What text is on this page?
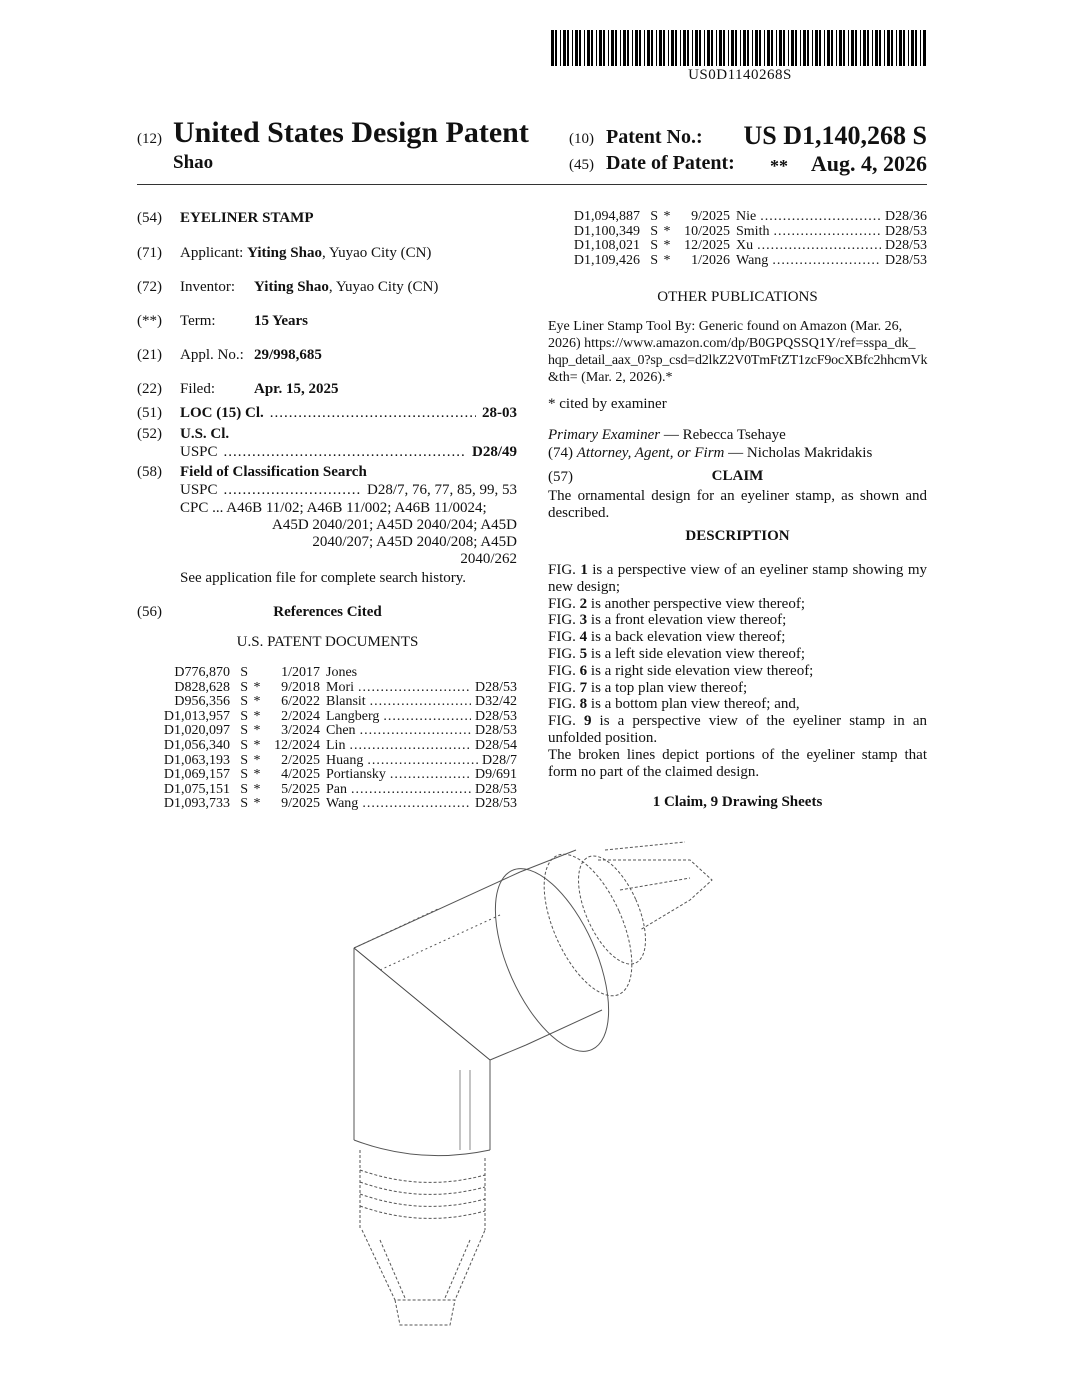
US0D1140268S
(12) United States Design Patent
Shao
(10) Patent No.:	US D1,140,268 S
(45) Date of Patent: **	Aug. 4, 2026
(54) EYELINER STAMP
(71) Applicant: Yiting Shao, Yuyao City (CN)
(72) Inventor: Yiting Shao, Yuyao City (CN)
(**) Term:	15 Years
(21) Appl. No.: 29/998,685
(22) Filed:	Apr. 15, 2025
(51) LOC (15) Cl. .....	28-03
(52) U.S. Cl.
USPC .....	D28/49
(58) Field of Classification Search
USPC .....	D28/7, 76, 77, 85, 99, 53
CPC ... A46B 11/02; A46B 11/002; A46B 11/0024;
A45D 2040/201; A45D 2040/204; A45D
2040/207; A45D 2040/208; A45D
2040/262
See application file for complete search history.
(56)	References Cited
U.S. PATENT DOCUMENTS
D776,870 S	1/2017 Jones
D828,628 S *	9/2018 Mori .....	D28/53
D956,356 S *	6/2022 Blansit .....	D32/42
D1,013,957 S *	2/2024 Langberg .....	D28/53
D1,020,097 S *	3/2024 Chen .....	D28/53
D1,056,340 S * 12/2024 Lin .....	D28/54
D1,063,193 S *	2/2025 Huang .....	D28/7
D1,069,157 S *	4/2025 Portiansky .....	D9/691
D1,075,151 S *	5/2025 Pan .....	D28/53
D1,093,733 S *	9/2025 Wang .....	D28/53
D1,094,887 S *	9/2025 Nie .....	D28/36
D1,100,349 S * 10/2025 Smith .....	D28/53
D1,108,021 S * 12/2025 Xu .....	D28/53
D1,109,426 S *	1/2026 Wang .....	D28/53
OTHER PUBLICATIONS
Eye Liner Stamp Tool By: Generic found on Amazon (Mar. 26,
2026) https://www.amazon.com/dp/B0GPQSSQ1Y/ref=sspa_dk_
hqp_detail_aax_0?sp_csd=d2lkZ2V0TmFtZT1zcF9ocXBfc2hhcmVk
&th= (Mar. 2, 2026).*
* cited by examiner
Primary Examiner — Rebecca Tsehaye
(74) Attorney, Agent, or Firm — Nicholas Makridakis
(57)	CLAIM
The ornamental design for an eyeliner stamp, as shown and described.
DESCRIPTION
FIG. 1 is a perspective view of an eyeliner stamp showing my new design;
FIG. 2 is another perspective view thereof;
FIG. 3 is a front elevation view thereof;
FIG. 4 is a back elevation view thereof;
FIG. 5 is a left side elevation view thereof;
FIG. 6 is a right side elevation view thereof;
FIG. 7 is a top plan view thereof;
FIG. 8 is a bottom plan view thereof; and,
FIG. 9 is a perspective view of the eyeliner stamp in an unfolded position.
The broken lines depict portions of the eyeliner stamp that form no part of the claimed design.
1 Claim, 9 Drawing Sheets
